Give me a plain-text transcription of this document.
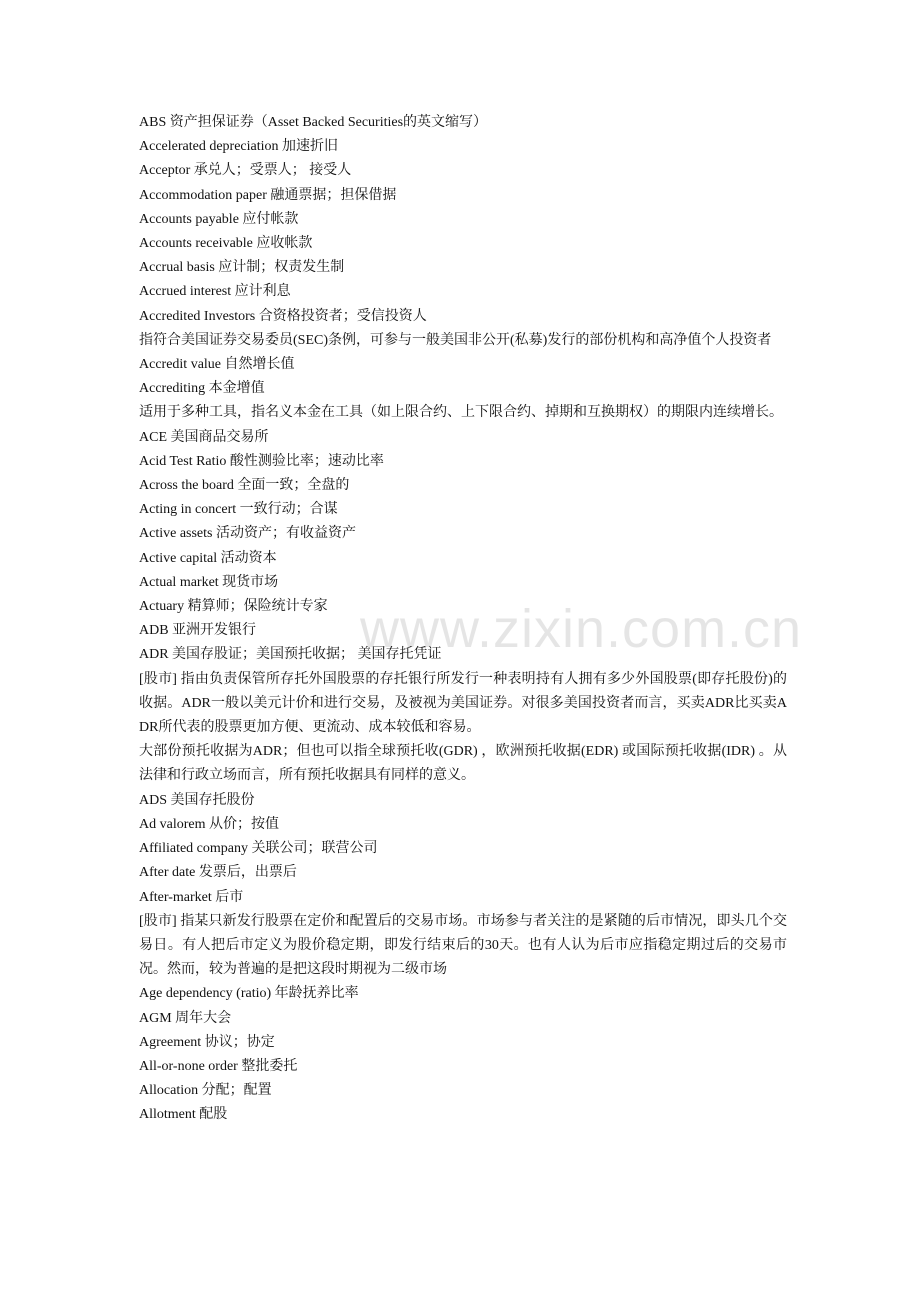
ABS 资产担保证券（Asset Backed Securities的英文缩写）
Accelerated depreciation 加速折旧
Acceptor 承兑人；受票人； 接受人
Accommodation paper 融通票据；担保借据
Accounts payable 应付帐款
Accounts receivable 应收帐款
Accrual basis 应计制；权责发生制
Accrued interest 应计利息
Accredited Investors 合资格投资者；受信投资人
指符合美国证券交易委员(SEC)条例，可参与一般美国非公开(私募)发行的部份机构和高净值个人投资者
Accredit value 自然增长值
Accrediting 本金增值
适用于多种工具，指名义本金在工具（如上限合约、上下限合约、掉期和互换期权）的期限内连续增长。
ACE 美国商品交易所
Acid Test Ratio 酸性测验比率；速动比率
Across the board 全面一致；全盘的
Acting in concert 一致行动；合谋
Active assets 活动资产；有收益资产
Active capital 活动资本
Actual market 现货市场
Actuary 精算师；保险统计专家
ADB 亚洲开发银行
ADR 美国存股证；美国预托收据； 美国存托凭证
[股市] 指由负责保管所存托外国股票的存托银行所发行一种表明持有人拥有多少外国股票(即存托股份)的收据。ADR一般以美元计价和进行交易，及被视为美国证券。对很多美国投资者而言，买卖ADR比买卖ADR所代表的股票更加方便、更流动、成本较低和容易。
大部份预托收据为ADR；但也可以指全球预托收(GDR) ，欧洲预托收据(EDR) 或国际预托收据(IDR) 。从法律和行政立场而言，所有预托收据具有同样的意义。
ADS 美国存托股份
Ad valorem 从价；按值
Affiliated company 关联公司；联营公司
After date 发票后，出票后
After-market 后市
[股市] 指某只新发行股票在定价和配置后的交易市场。市场参与者关注的是紧随的后市情况，即头几个交易日。有人把后市定义为股价稳定期，即发行结束后的30天。也有人认为后市应指稳定期过后的交易市况。然而，较为普遍的是把这段时期视为二级市场
Age dependency (ratio) 年龄抚养比率
AGM 周年大会
Agreement 协议；协定
All-or-none order 整批委托
Allocation 分配；配置
Allotment 配股
www.zixin.com.cn
